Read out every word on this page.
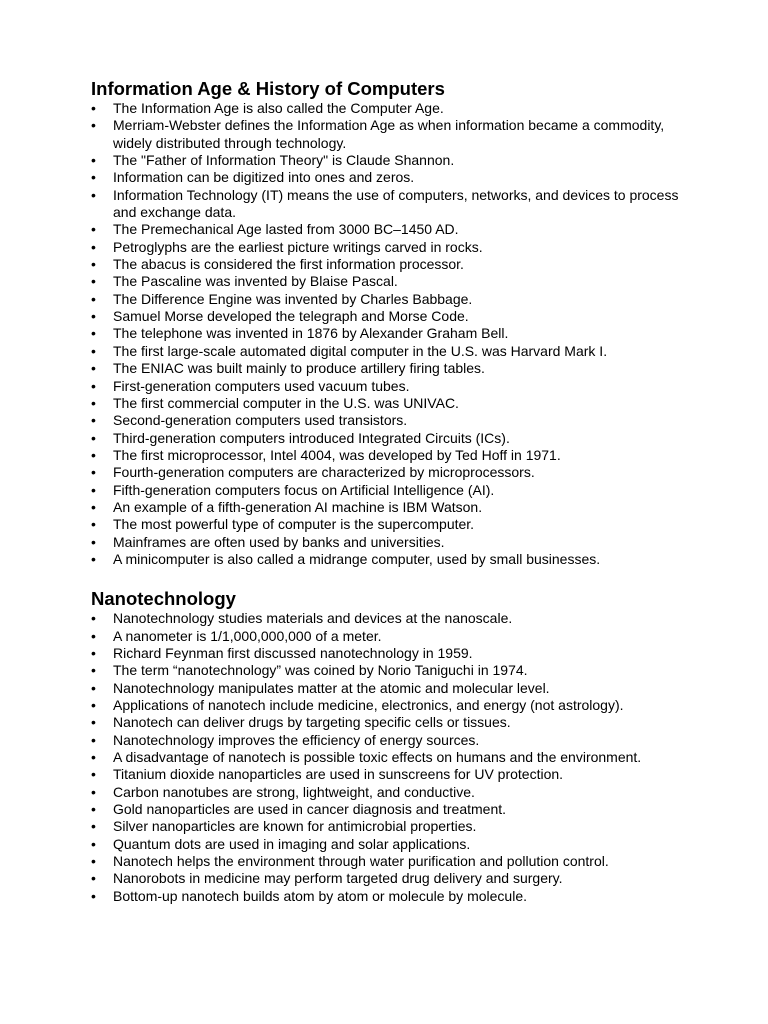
Information Age & History of Computers
•	The Information Age is also called the Computer Age.
•	Merriam-Webster defines the Information Age as when information became a commodity, widely distributed through technology.
•	The "Father of Information Theory" is Claude Shannon.
•	Information can be digitized into ones and zeros.
•	Information Technology (IT) means the use of computers, networks, and devices to process and exchange data.
•	The Premechanical Age lasted from 3000 BC–1450 AD.
•	Petroglyphs are the earliest picture writings carved in rocks.
•	The abacus is considered the first information processor.
•	The Pascaline was invented by Blaise Pascal.
•	The Difference Engine was invented by Charles Babbage.
•	Samuel Morse developed the telegraph and Morse Code.
•	The telephone was invented in 1876 by Alexander Graham Bell.
•	The first large-scale automated digital computer in the U.S. was Harvard Mark I.
•	The ENIAC was built mainly to produce artillery firing tables.
•	First-generation computers used vacuum tubes.
•	The first commercial computer in the U.S. was UNIVAC.
•	Second-generation computers used transistors.
•	Third-generation computers introduced Integrated Circuits (ICs).
•	The first microprocessor, Intel 4004, was developed by Ted Hoff in 1971.
•	Fourth-generation computers are characterized by microprocessors.
•	Fifth-generation computers focus on Artificial Intelligence (AI).
•	An example of a fifth-generation AI machine is IBM Watson.
•	The most powerful type of computer is the supercomputer.
•	Mainframes are often used by banks and universities.
•	A minicomputer is also called a midrange computer, used by small businesses.
Nanotechnology
•	Nanotechnology studies materials and devices at the nanoscale.
•	A nanometer is 1/1,000,000,000 of a meter.
•	Richard Feynman first discussed nanotechnology in 1959.
•	The term “nanotechnology” was coined by Norio Taniguchi in 1974.
•	Nanotechnology manipulates matter at the atomic and molecular level.
•	Applications of nanotech include medicine, electronics, and energy (not astrology).
•	Nanotech can deliver drugs by targeting specific cells or tissues.
•	Nanotechnology improves the efficiency of energy sources.
•	A disadvantage of nanotech is possible toxic effects on humans and the environment.
•	Titanium dioxide nanoparticles are used in sunscreens for UV protection.
•	Carbon nanotubes are strong, lightweight, and conductive.
•	Gold nanoparticles are used in cancer diagnosis and treatment.
•	Silver nanoparticles are known for antimicrobial properties.
•	Quantum dots are used in imaging and solar applications.
•	Nanotech helps the environment through water purification and pollution control.
•	Nanorobots in medicine may perform targeted drug delivery and surgery.
•	Bottom-up nanotech builds atom by atom or molecule by molecule.
